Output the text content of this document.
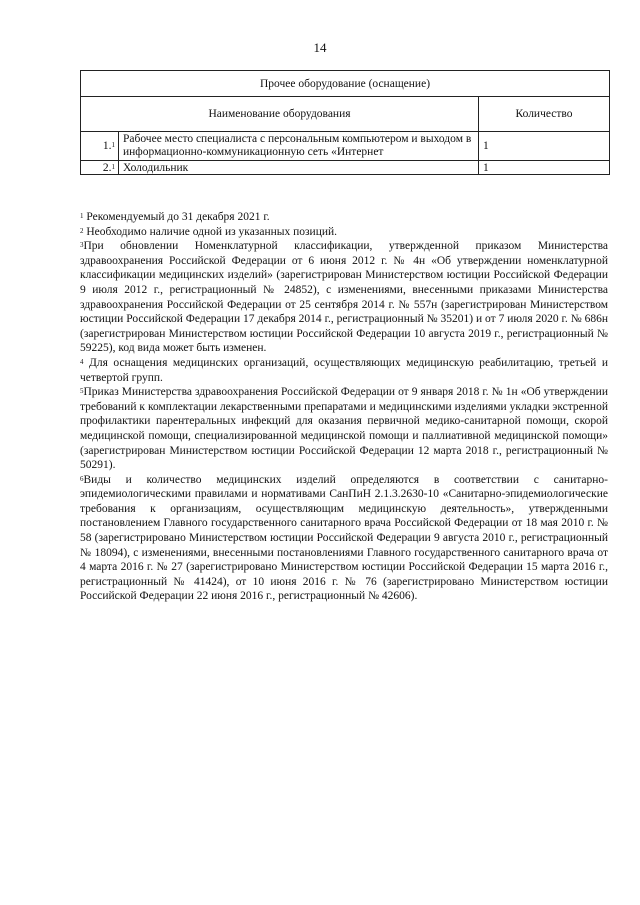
14
Прочее оборудование (оснащение)		
Наименование оборудования		Количество
1.$^1$	Рабочее место специалиста с персональным компьютером и выходом в информационно-коммуникационную сеть «Интернет	1
2.$^1$	Холодильник	1

$^1$ Рекомендуемый до 31 декабря 2021 г.

$^2$ Необходимо наличие одной из указанных позиций.

$^3$При обновлении Номенклатурной классификации, утвержденной приказом Министерства здравоохранения Российской Федерации от 6 июня 2012 г. № 4н «Об утверждении номенклатурной классификации медицинских изделий» (зарегистрирован Министерством юстиции Российской Федерации 9 июля 2012 г., регистрационный № 24852), с изменениями, внесенными приказами Министерства здравоохранения Российской Федерации от 25 сентября 2014 г. № 557н (зарегистрирован Министерством юстиции Российской Федерации 17 декабря 2014 г., регистрационный № 35201) и от 7 июля 2020 г. № 686н (зарегистрирован Министерством юстиции Российской Федерации 10 августа 2019 г., регистрационный № 59225), код вида может быть изменен.

$^4$ Для оснащения медицинских организаций, осуществляющих медицинскую реабилитацию, третьей и четвертой групп.

$^5$Приказ Министерства здравоохранения Российской Федерации от 9 января 2018 г. № 1н «Об утверждении требований к комплектации лекарственными препаратами и медицинскими изделиями укладки экстренной профилактики парентеральных инфекций для оказания первичной медико-санитарной помощи, скорой медицинской помощи, специализированной медицинской помощи и паллиативной медицинской помощи» (зарегистрирован Министерством юстиции Российской Федерации 12 марта 2018 г., регистрационный № 50291).

$^6$Виды и количество медицинских изделий определяются в соответствии с санитарно-эпидемиологическими правилами и нормативами СанПиН 2.1.3.2630-10 «Санитарно-эпидемиологические требования к организациям, осуществляющим медицинскую деятельность», утвержденными постановлением Главного государственного санитарного врача Российской Федерации от 18 мая 2010 г. № 58 (зарегистрировано Министерством юстиции Российской Федерации 9 августа 2010 г., регистрационный № 18094), с изменениями, внесенными постановлениями Главного государственного санитарного врача от 4 марта 2016 г. № 27 (зарегистрировано Министерством юстиции Российской Федерации 15 марта 2016 г., регистрационный № 41424), от 10 июня 2016 г. № 76 (зарегистрировано Министерством юстиции Российской Федерации 22 июня 2016 г., регистрационный № 42606).
